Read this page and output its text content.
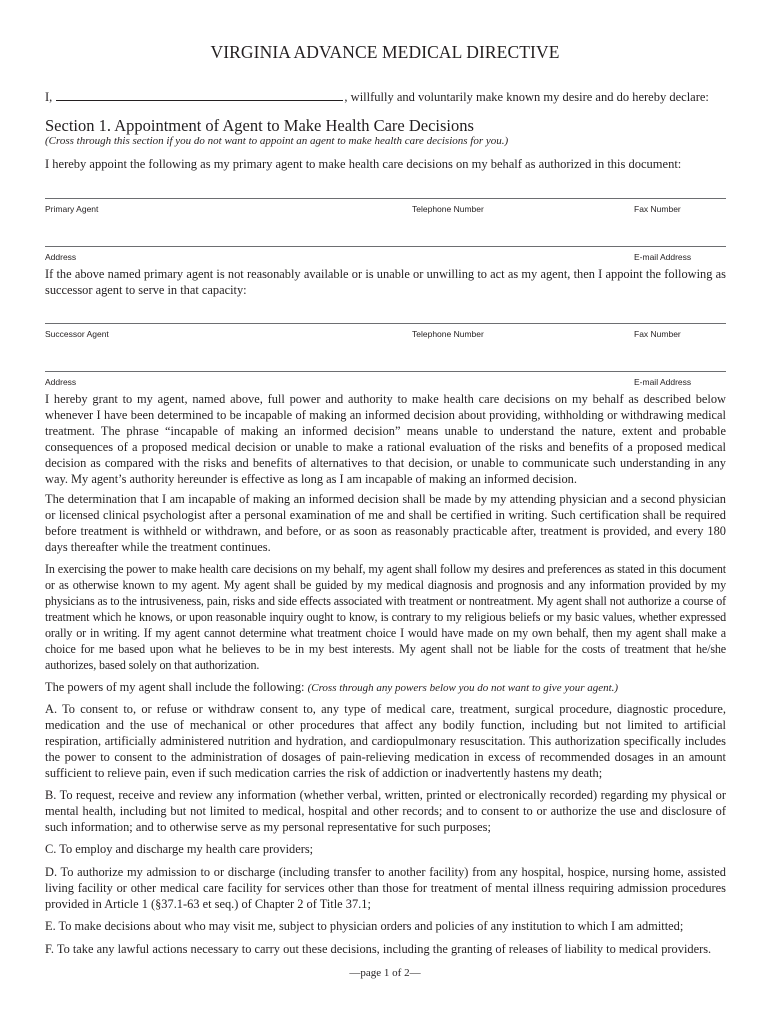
VIRGINIA ADVANCE MEDICAL DIRECTIVE
I,	, willfully and voluntarily make known my desire and do hereby declare:
Section 1. Appointment of Agent to Make Health Care Decisions
(Cross through this section if you do not want to appoint an agent to make health care decisions for you.)
I hereby appoint the following as my primary agent to make health care decisions on my behalf as authorized in this document:
Primary Agent	Telephone Number	Fax Number
Address	E-mail Address

If the above named primary agent is not reasonably available or is unable or unwilling to act as my agent, then I appoint the following as successor agent to serve in that capacity:

Successor Agent	Telephone Number	Fax Number
Address	E-mail Address

I hereby grant to my agent, named above, full power and authority to make health care decisions on my behalf as described below whenever I have been determined to be incapable of making an informed decision about providing, withholding or withdrawing medical treatment. The phrase “incapable of making an informed decision” means unable to understand the nature, extent and probable consequences of a proposed medical decision or unable to make a rational evaluation of the risks and benefits of a proposed medical decision as compared with the risks and benefits of alternatives to that decision, or unable to communicate such understanding in any way. My agent’s authority hereunder is effective as long as I am incapable of making an informed decision.

The determination that I am incapable of making an informed decision shall be made by my attending physician and a second physician or licensed clinical psychologist after a personal examination of me and shall be certified in writing. Such certification shall be required before treatment is withheld or withdrawn, and before, or as soon as reasonably practicable after, treatment is provided, and every 180 days thereafter while the treatment continues.

In exercising the power to make health care decisions on my behalf, my agent shall follow my desires and preferences as stated in this document or as otherwise known to my agent. My agent shall be guided by my medical diagnosis and prognosis and any information provided by my physicians as to the intrusiveness, pain, risks and side effects associated with treatment or nontreatment. My agent shall not authorize a course of treatment which he knows, or upon reasonable inquiry ought to know, is contrary to my religious beliefs or my basic values, whether expressed orally or in writing. If my agent cannot determine what treatment choice I would have made on my own behalf, then my agent shall make a choice for me based upon what he believes to be in my best interests. My agent shall not be liable for the costs of treatment that he/she authorizes, based solely on that authorization.

The powers of my agent shall include the following: (Cross through any powers below you do not want to give your agent.)

A. To consent to, or refuse or withdraw consent to, any type of medical care, treatment, surgical procedure, diagnostic procedure, medication and the use of mechanical or other procedures that affect any bodily function, including but not limited to artificial respiration, artificially administered nutrition and hydration, and cardiopulmonary resuscitation. This authorization specifically includes the power to consent to the administration of dosages of pain-relieving medication in excess of recommended dosages in an amount sufficient to relieve pain, even if such medication carries the risk of addiction or inadvertently hastens my death;

B. To request, receive and review any information (whether verbal, written, printed or electronically recorded) regarding my physical or mental health, including but not limited to medical, hospital and other records; and to consent to or authorize the use and disclosure of such information; and to otherwise serve as my personal representative for such purposes;

C. To employ and discharge my health care providers;

D. To authorize my admission to or discharge (including transfer to another facility) from any hospital, hospice, nursing home, assisted living facility or other medical care facility for services other than those for treatment of mental illness requiring admission procedures provided in Article 1 (§37.1-63 et seq.) of Chapter 2 of Title 37.1;

E. To make decisions about who may visit me, subject to physician orders and policies of any institution to which I am admitted;

F. To take any lawful actions necessary to carry out these decisions, including the granting of releases of liability to medical providers.

—page 1 of 2—
